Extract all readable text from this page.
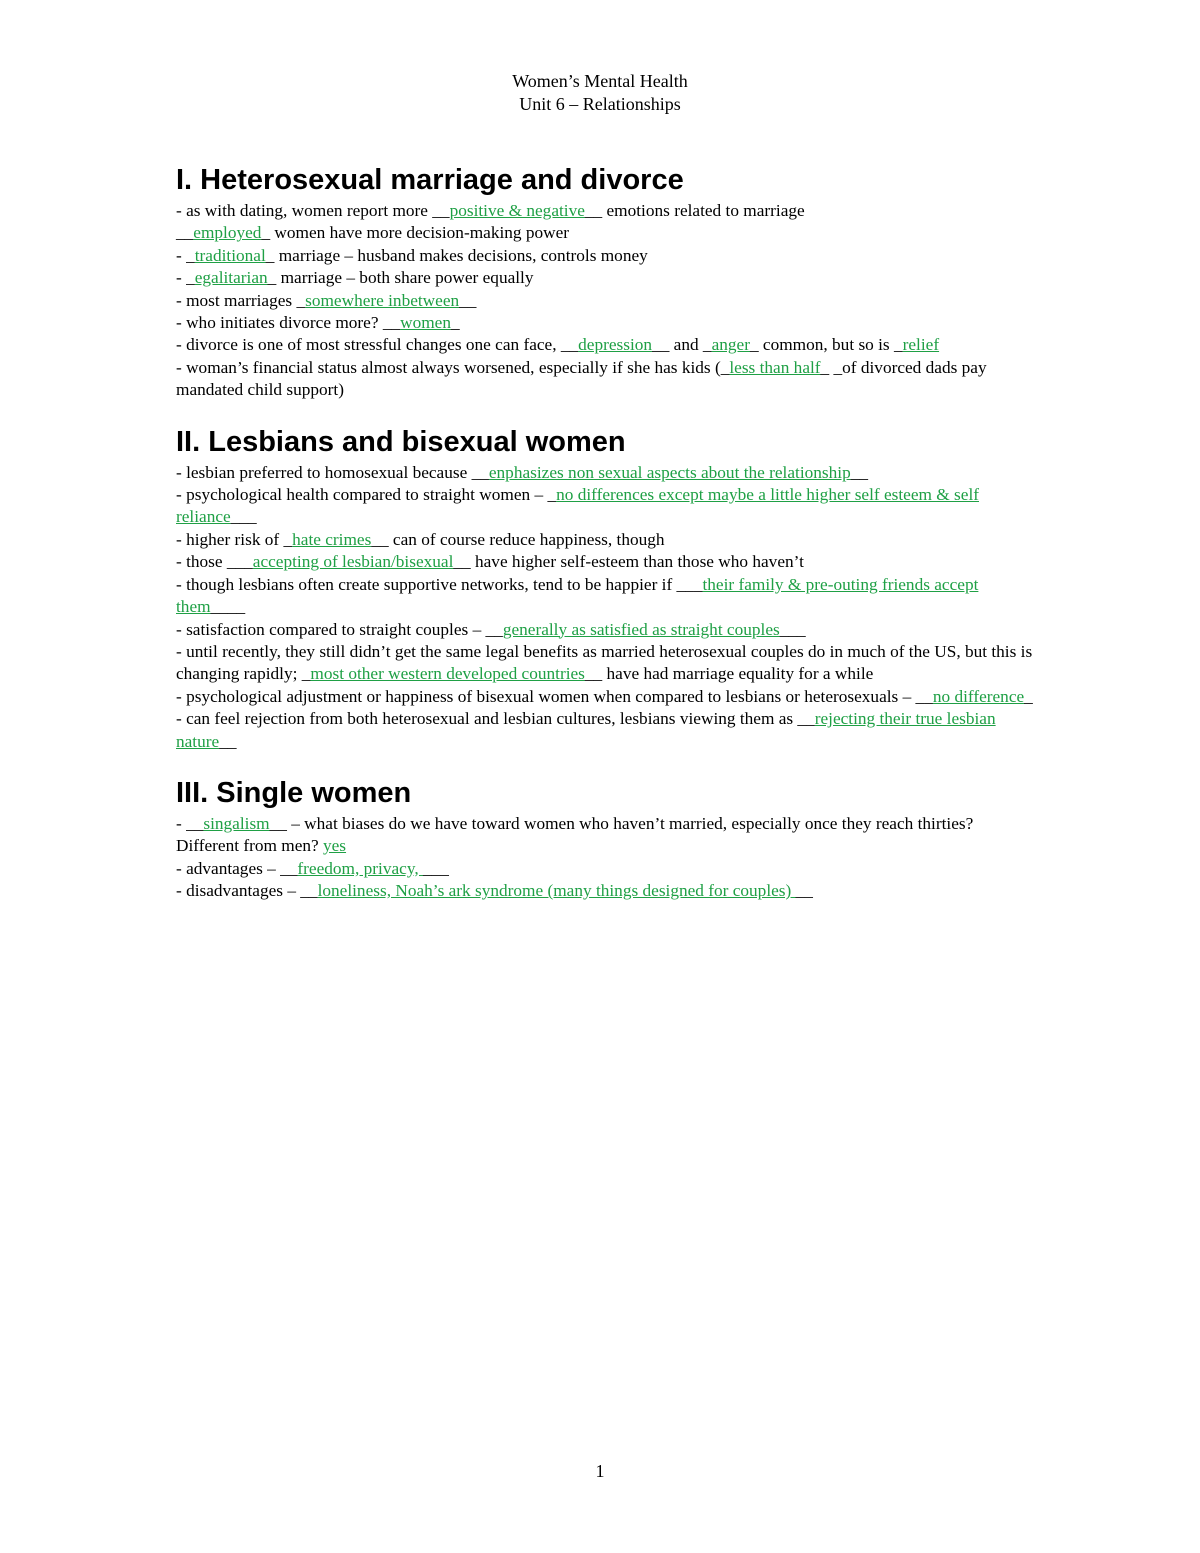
Women’s Mental Health
Unit 6 – Relationships
I. Heterosexual marriage and divorce

- as with dating, women report more __positive & negative__ emotions related to marriage

__employed_ women have more decision-making power

- _traditional_ marriage – husband makes decisions, controls money

- _egalitarian_ marriage – both share power equally

- most marriages _somewhere inbetween__

- who initiates divorce more? __women_

- divorce is one of most stressful changes one can face, __depression__ and _anger_ common, but so is _relief

- woman’s financial status almost always worsened, especially if she has kids (_less than half_ _of divorced dads pay mandated child support)

II. Lesbians and bisexual women

- lesbian preferred to homosexual because __enphasizes non sexual aspects about the relationship__

- psychological health compared to straight women – _no differences except maybe a little higher self esteem & self reliance___

- higher risk of _hate crimes__ can of course reduce happiness, though

- those ___accepting of lesbian/bisexual__ have higher self-esteem than those who haven’t

- though lesbians often create supportive networks, tend to be happier if ___their family & pre-outing friends accept them____

- satisfaction compared to straight couples – __generally as satisfied as straight couples___

- until recently, they still didn’t get the same legal benefits as married heterosexual couples do in much of the US, but this is changing rapidly; _most other western developed countries__ have had marriage equality for a while

- psychological adjustment or happiness of bisexual women when compared to lesbians or heterosexuals – __no difference_

- can feel rejection from both heterosexual and lesbian cultures, lesbians viewing them as __rejecting their true lesbian nature__

III. Single women

- __singalism__ – what biases do we have toward women who haven’t married, especially once they reach thirties? Different from men? yes

- advantages – __freedom, privacy, ___

- disadvantages – __loneliness, Noah’s ark syndrome (many things designed for couples) __

1
